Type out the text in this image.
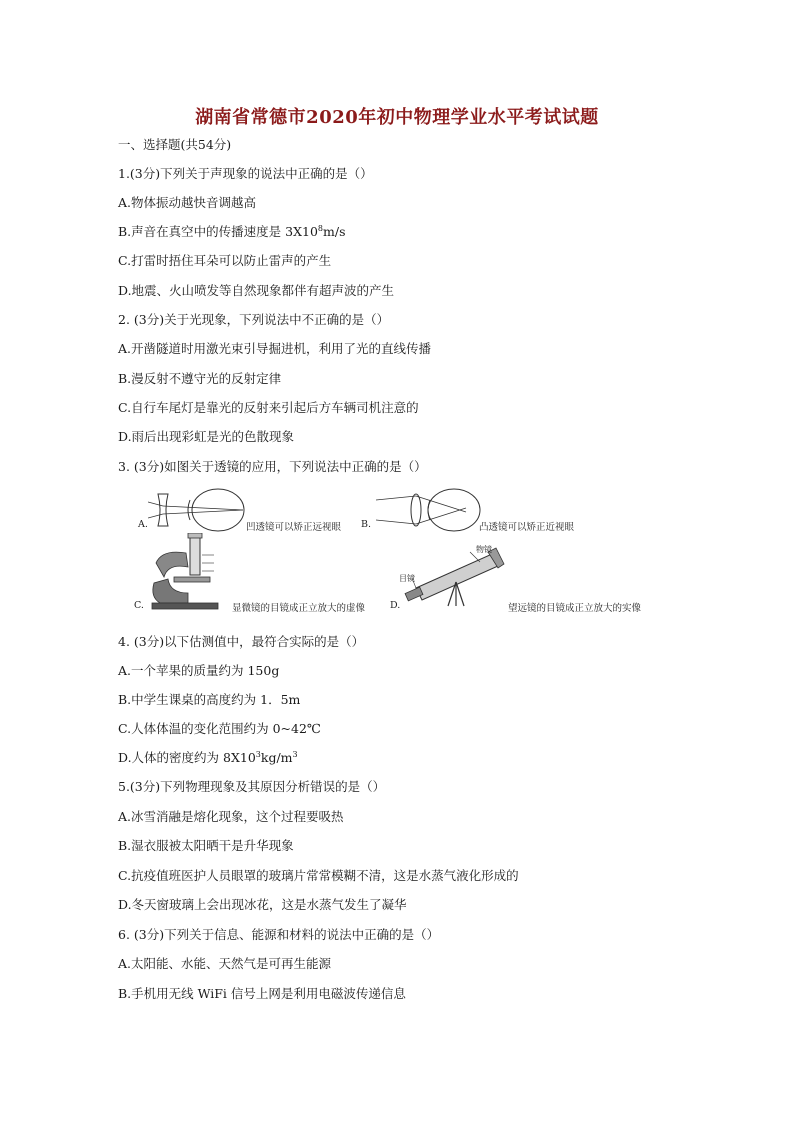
湖南省常德市2020年初中物理学业水平考试试题
一、选择题(共54分)
1.(3分)下列关于声现象的说法中正确的是（）
A.物体振动越快音调越高
B.声音在真空中的传播速度是 $3X10^8m/s$
C.打雷时捂住耳朵可以防止雷声的产生
D.地震、火山喷发等自然现象都伴有超声波的产生
2. (3分)关于光现象，下列说法中不正确的是（）
A.开凿隧道时用激光束引导掘进机，利用了光的直线传播
B.漫反射不遵守光的反射定律
C.自行车尾灯是靠光的反射来引起后方车辆司机注意的
D.雨后出现彩虹是光的色散现象
3. (3分)如图关于透镜的应用，下列说法中正确的是（）
A.	凹透镜可以矫正远视眼 B.	凸透镜可以矫正近视眼
C.	显微镜的目镜成正立放大的虚像	D.
物镜
目镜
望远镜的目镜成正立放大的实像
4. (3分)以下估测值中，最符合实际的是（）
A.一个苹果的质量约为 150g
B.中学生课桌的高度约为 1．5m
C.人体体温的变化范围约为 0~42℃
D.人体的密度约为 $8X10^3kg/m^3$
5.(3分)下列物理现象及其原因分析错误的是（）
A.冰雪消融是熔化现象，这个过程要吸热
B.湿衣服被太阳晒干是升华现象
C.抗疫值班医护人员眼罩的玻璃片常常模糊不清，这是水蒸气液化形成的
D.冬天窗玻璃上会出现冰花，这是水蒸气发生了凝华
6. (3分)下列关于信息、能源和材料的说法中正确的是（）
A.太阳能、水能、天然气是可再生能源
B.手机用无线 WiFi 信号上网是利用电磁波传递信息
